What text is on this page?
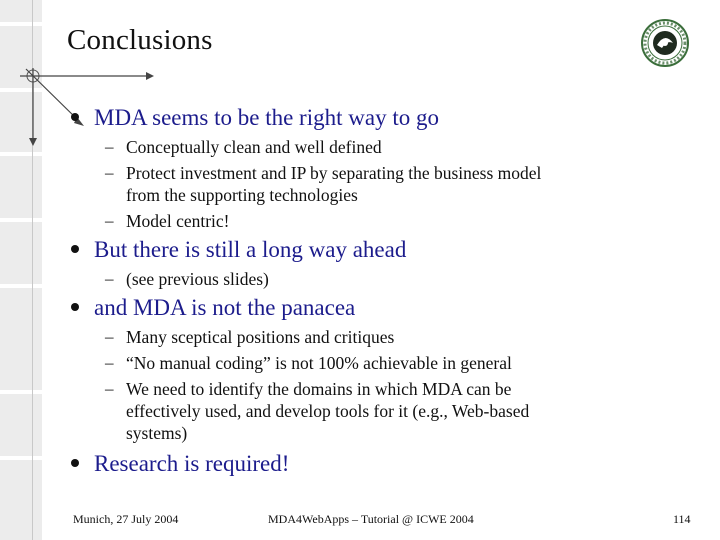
Conclusions
MDA seems to be the right way to go
– Conceptually clean and well defined
– Protect investment and IP by separating the business model
from the supporting technologies
– Model centric!
But there is still a long way ahead
– (see previous slides)
and MDA is not the panacea
– Many sceptical positions and critiques
– “No manual coding” is not 100% achievable in general
– We need to identify the domains in which MDA can be
effectively used, and develop tools for it (e.g., Web-based
systems)
Research is required!
Munich, 27 July 2004	MDA4WebApps – Tutorial @ ICWE 2004	114
